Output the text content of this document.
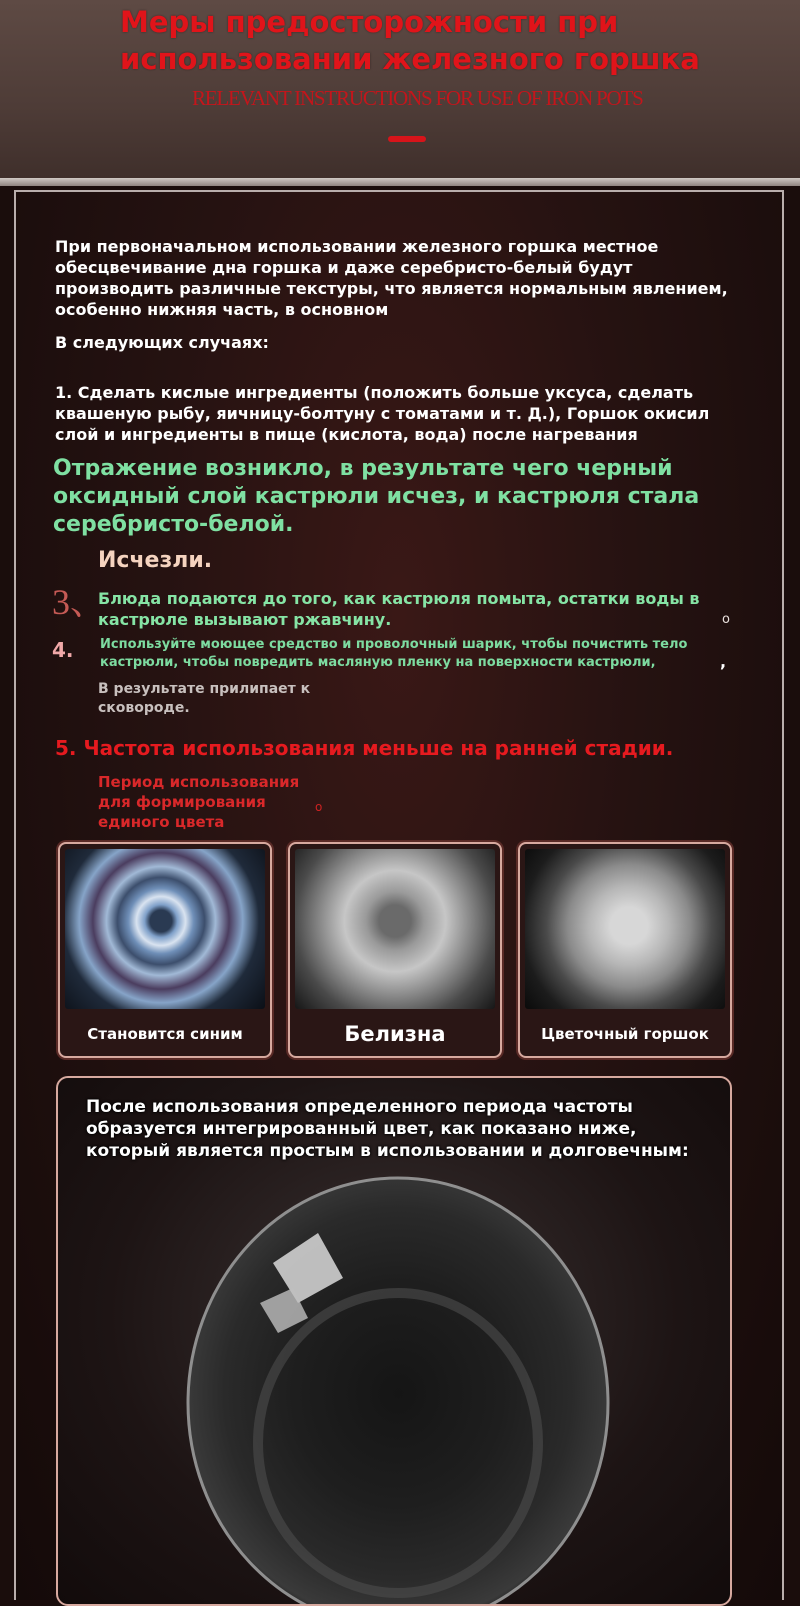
Меры предосторожности при использовании железного горшка
RELEVANT INSTRUCTIONS FOR USE OF IRON POTS

При первоначальном использовании железного горшка местное обесцвечивание дна горшка и даже серебристо-белый будут производить различные текстуры, что является нормальным явлением, особенно нижняя часть, в основном

В следующих случаях:

1. Сделать кислые ингредиенты (положить больше уксуса, сделать квашеную рыбу, яичницу-болтуну с томатами и т. Д.), Горшок окисил слой и ингредиенты в пище (кислота, вода) после нагревания

Отражение возникло, в результате чего черный оксидный слой кастрюли исчез, и кастрюля стала серебристо-белой.

Исчезли.

3、

Блюда подаются до того, как кастрюля помыта, остатки воды в кастрюле вызывают ржавчину.	o
4. Используйте моющее средство и проволочный шарик, чтобы почистить тело кастрюли, чтобы повредить масляную пленку на поверхности кастрюли,	,

В результате прилипает к сковороде.

5. Частота использования меньше на ранней стадии.

Период использования для формирования единого цвета

o
Становится синим	Белизна	Цветочный горшок
После использования определенного периода частоты образуется интегрированный цвет, как показано ниже, который является простым в использовании и долговечным:
